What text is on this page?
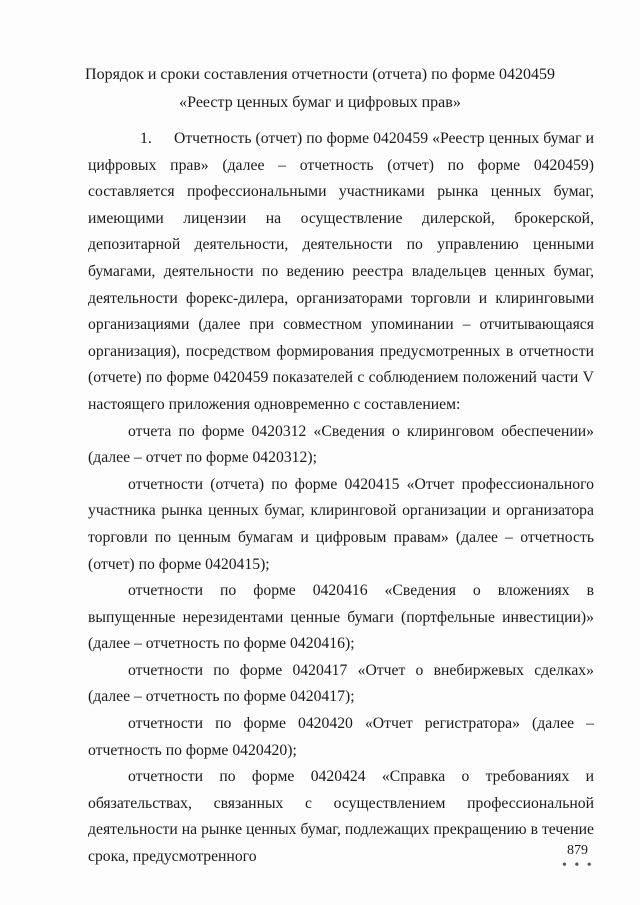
Порядок и сроки составления отчетности (отчета) по форме 0420459
«Реестр ценных бумаг и цифровых прав»

1. Отчетность (отчет) по форме 0420459 «Реестр ценных бумаг и цифровых прав» (далее – отчетность (отчет) по форме 0420459) составляется профессиональными участниками рынка ценных бумаг, имеющими лицензии на осуществление дилерской, брокерской, депозитарной деятельности, деятельности по управлению ценными бумагами, деятельности по ведению реестра владельцев ценных бумаг, деятельности форекс-дилера, организаторами торговли и клиринговыми организациями (далее при совместном упоминании – отчитывающаяся организация), посредством формирования предусмотренных в отчетности (отчете) по форме 0420459 показателей с соблюдением положений части V настоящего приложения одновременно с составлением:

отчета по форме 0420312 «Сведения о клиринговом обеспечении» (далее – отчет по форме 0420312);

отчетности (отчета) по форме 0420415 «Отчет профессионального участника рынка ценных бумаг, клиринговой организации и организатора торговли по ценным бумагам и цифровым правам» (далее – отчетность (отчет) по форме 0420415);

отчетности по форме 0420416 «Сведения о вложениях в выпущенные нерезидентами ценные бумаги (портфельные инвестиции)» (далее – отчетность по форме 0420416);

отчетности по форме 0420417 «Отчет о внебиржевых сделках» (далее – отчетность по форме 0420417);

отчетности по форме 0420420 «Отчет регистратора» (далее – отчетность по форме 0420420);

отчетности по форме 0420424 «Справка о требованиях и обязательствах, связанных с осуществлением профессиональной деятельности на рынке ценных бумаг, подлежащих прекращению в течение срока, предусмотренного	879
• • •
